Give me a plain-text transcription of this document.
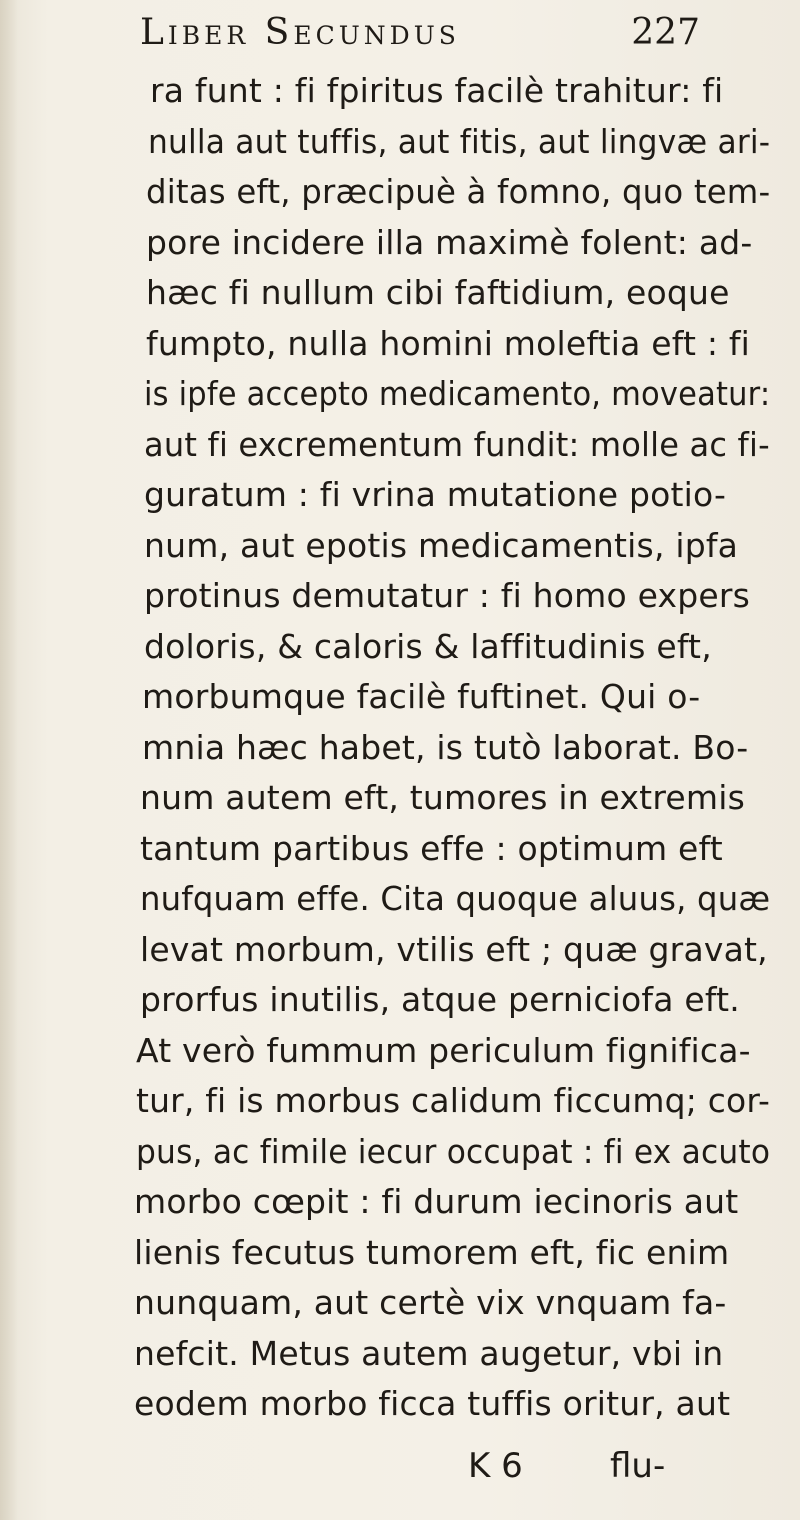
Liber Secundus	227
ra funt : fi fpiritus facilè trahitur: fi
nulla aut tuffis, aut fitis, aut lingvæ ari-
ditas eft, præcipuè à fomno, quo tem-
pore incidere illa maximè folent: ad-
hæc fi nullum cibi faftidium, eoque
fumpto, nulla homini moleftia eft : fi
is ipfe accepto medicamento, moveatur:
aut fi excrementum fundit: molle ac fi-
guratum : fi vrina mutatione potio-
num, aut epotis medicamentis, ipfa
protinus demutatur : fi homo expers
doloris, & caloris & laffitudinis eft,
morbumque facilè fuftinet. Qui o-
mnia hæc habet, is tutò laborat. Bo-
num autem eft, tumores in extremis
tantum partibus effe : optimum eft
nufquam effe. Cita quoque aluus, quæ
levat morbum, vtilis eft ; quæ gravat,
prorfus inutilis, atque perniciofa eft.
At verò fummum periculum fignifica-
tur, fi is morbus calidum ficcumq; cor-
pus, ac fimile iecur occupat : fi ex acuto
morbo cœpit : fi durum iecinoris aut
lienis fecutus tumorem eft, fic enim
nunquam, aut certè vix vnquam fa-
nefcit. Metus autem augetur, vbi in
eodem morbo ficca tuffis oritur, aut
K 6	flu-
